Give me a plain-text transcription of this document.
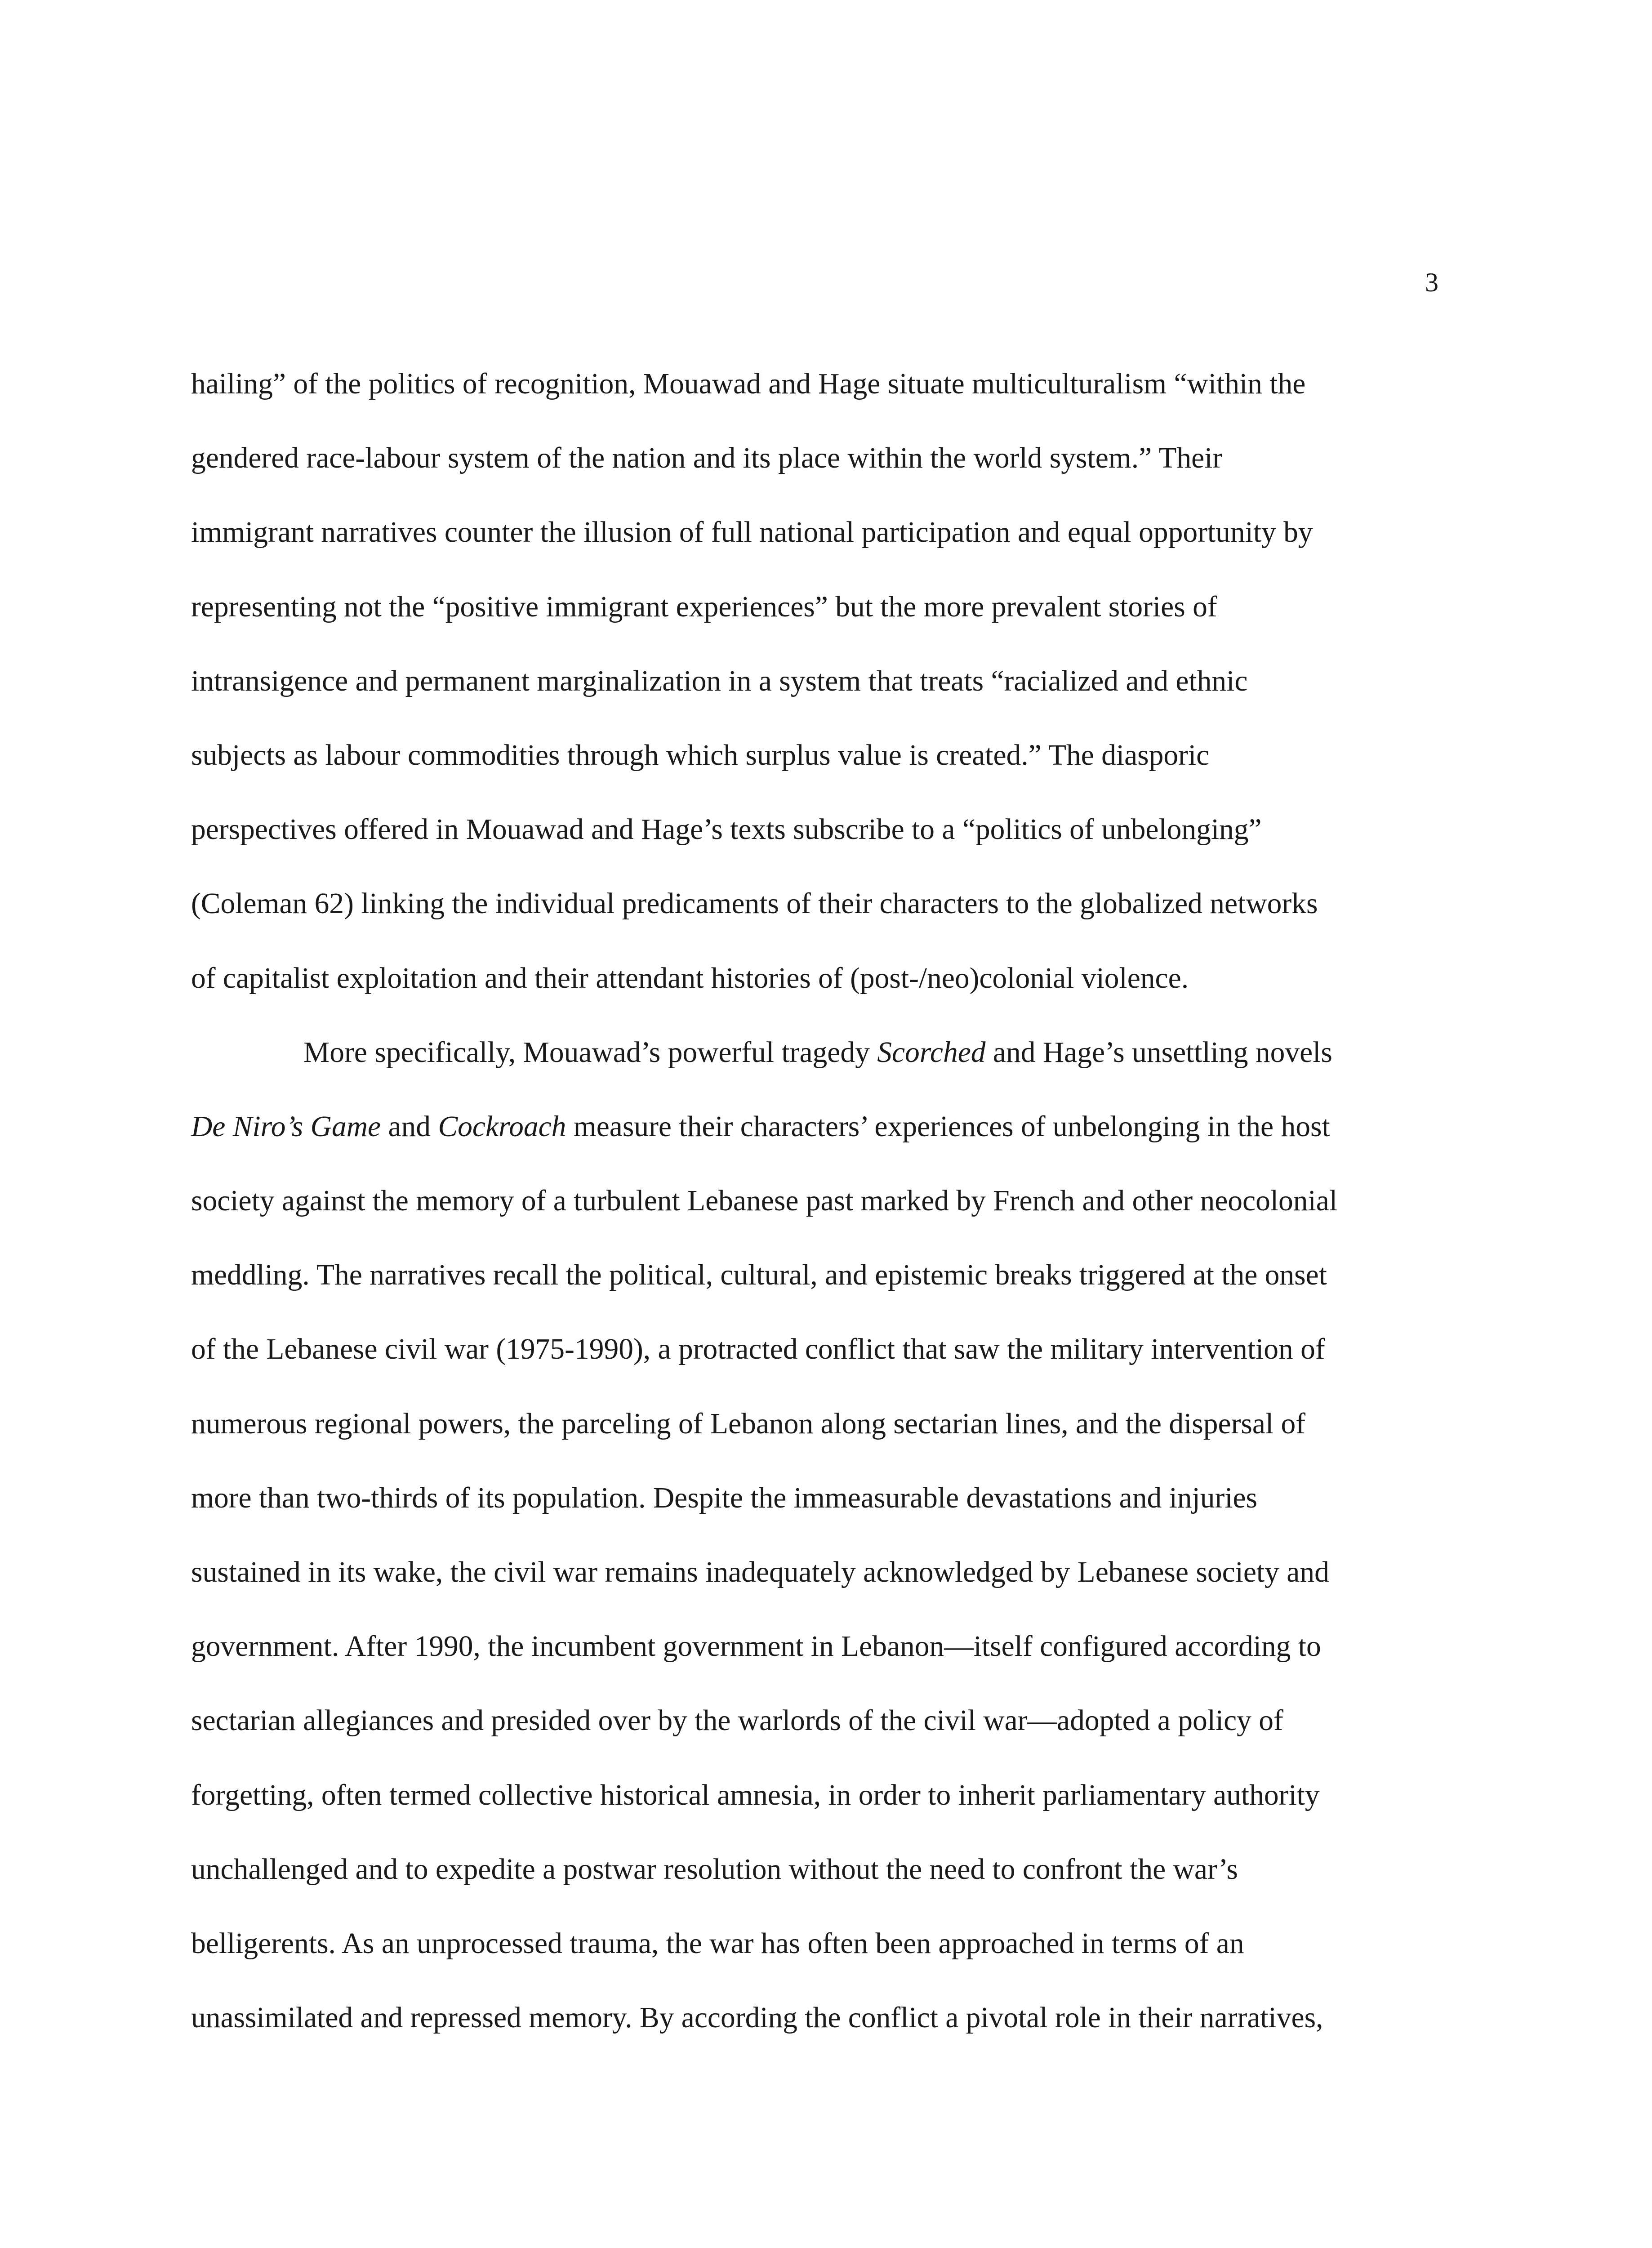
3
hailing” of the politics of recognition, Mouawad and Hage situate multiculturalism “within the
gendered race-labour system of the nation and its place within the world system.” Their
immigrant narratives counter the illusion of full national participation and equal opportunity by
representing not the “positive immigrant experiences” but the more prevalent stories of
intransigence and permanent marginalization in a system that treats “racialized and ethnic
subjects as labour commodities through which surplus value is created.” The diasporic
perspectives offered in Mouawad and Hage’s texts subscribe to a “politics of unbelonging”
(Coleman 62) linking the individual predicaments of their characters to the globalized networks
of capitalist exploitation and their attendant histories of (post-/neo)colonial violence.
More specifically, Mouawad’s powerful tragedy Scorched and Hage’s unsettling novels
De Niro’s Game and Cockroach measure their characters’ experiences of unbelonging in the host
society against the memory of a turbulent Lebanese past marked by French and other neocolonial
meddling. The narratives recall the political, cultural, and epistemic breaks triggered at the onset
of the Lebanese civil war (1975-1990), a protracted conflict that saw the military intervention of
numerous regional powers, the parceling of Lebanon along sectarian lines, and the dispersal of
more than two-thirds of its population. Despite the immeasurable devastations and injuries
sustained in its wake, the civil war remains inadequately acknowledged by Lebanese society and
government. After 1990, the incumbent government in Lebanon—itself configured according to
sectarian allegiances and presided over by the warlords of the civil war—adopted a policy of
forgetting, often termed collective historical amnesia, in order to inherit parliamentary authority
unchallenged and to expedite a postwar resolution without the need to confront the war’s
belligerents. As an unprocessed trauma, the war has often been approached in terms of an
unassimilated and repressed memory. By according the conflict a pivotal role in their narratives,
